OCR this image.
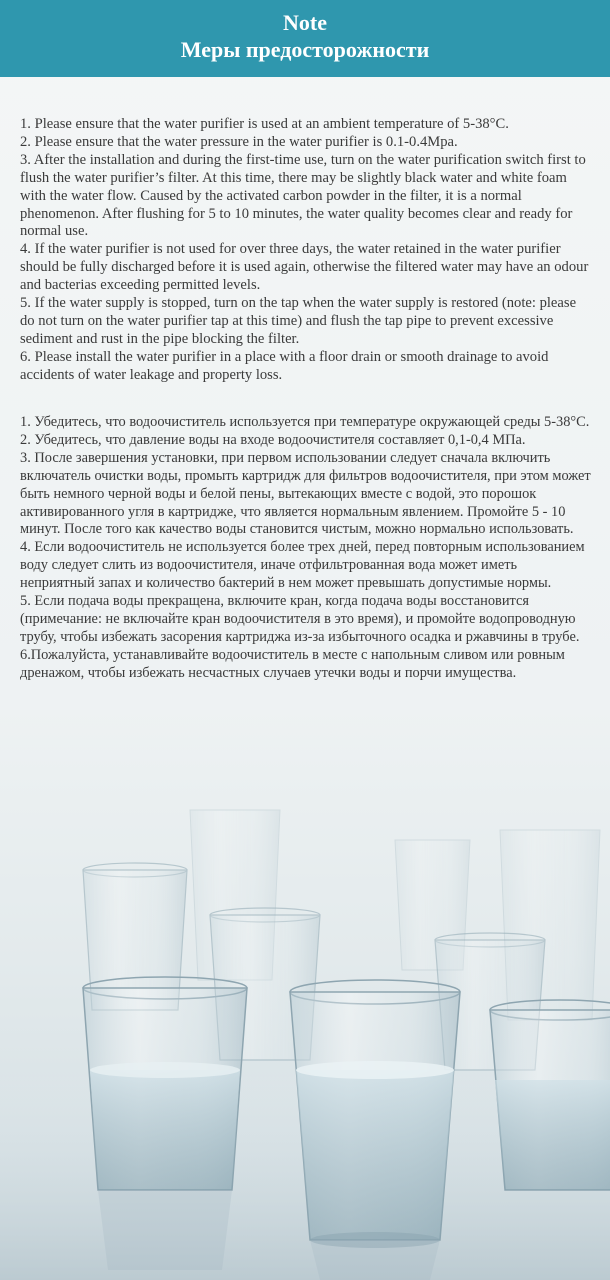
Note
Меры предосторожности

1. Please ensure that the water purifier is used at an ambient temperature of 5-38°C.

2. Please ensure that the water pressure in the water purifier is 0.1-0.4Mpa.

3. After the installation and during the first-time use, turn on the water purification switch first to flush the water purifier’s filter. At this time, there may be slightly black water and white foam with the water flow. Caused by the activated carbon powder in the filter, it is a normal phenomenon. After flushing for 5 to 10 minutes, the water quality becomes clear and ready for normal use.

4. If the water purifier is not used for over three days, the water retained in the water purifier should be fully discharged before it is used again, otherwise the filtered water may have an odour and bacterias exceeding permitted levels.

5. If the water supply is stopped, turn on the tap when the water supply is restored (note: please do not turn on the water purifier tap at this time) and flush the tap pipe to prevent excessive sediment and rust in the pipe blocking the filter.

6. Please install the water purifier in a place with a floor drain or smooth drainage to avoid accidents of water leakage and property loss.

1. Убедитесь, что водоочиститель используется при температуре окружающей среды 5-38°C.

2. Убедитесь, что давление воды на входе водоочистителя составляет 0,1-0,4 МПа.

3. После завершения установки, при первом использовании следует сначала включить включатель очистки воды, промыть картридж для фильтров водоочистителя, при этом может быть немного черной воды и белой пены, вытекающих вместе с водой, это порошок активированного угля в картридже, что является нормальным явлением. Промойте 5 - 10 минут. После того как качество воды становится чистым, можно нормально использовать.

4. Если водоочиститель не используется более трех дней, перед повторным использованием воду следует слить из водоочистителя, иначе отфильтрованная вода может иметь неприятный запах и количество бактерий в нем может превышать допустимые нормы.

5. Если подача воды прекращена, включите кран, когда подача воды восстановится (примечание: не включайте кран водоочистителя в это время), и промойте водопроводную трубу, чтобы избежать засорения картриджа из-за избыточного осадка и ржавчины в трубе.

6.Пожалуйста, устанавливайте водоочиститель в месте с напольным сливом или ровным дренажом, чтобы избежать несчастных случаев утечки воды и порчи имущества.
